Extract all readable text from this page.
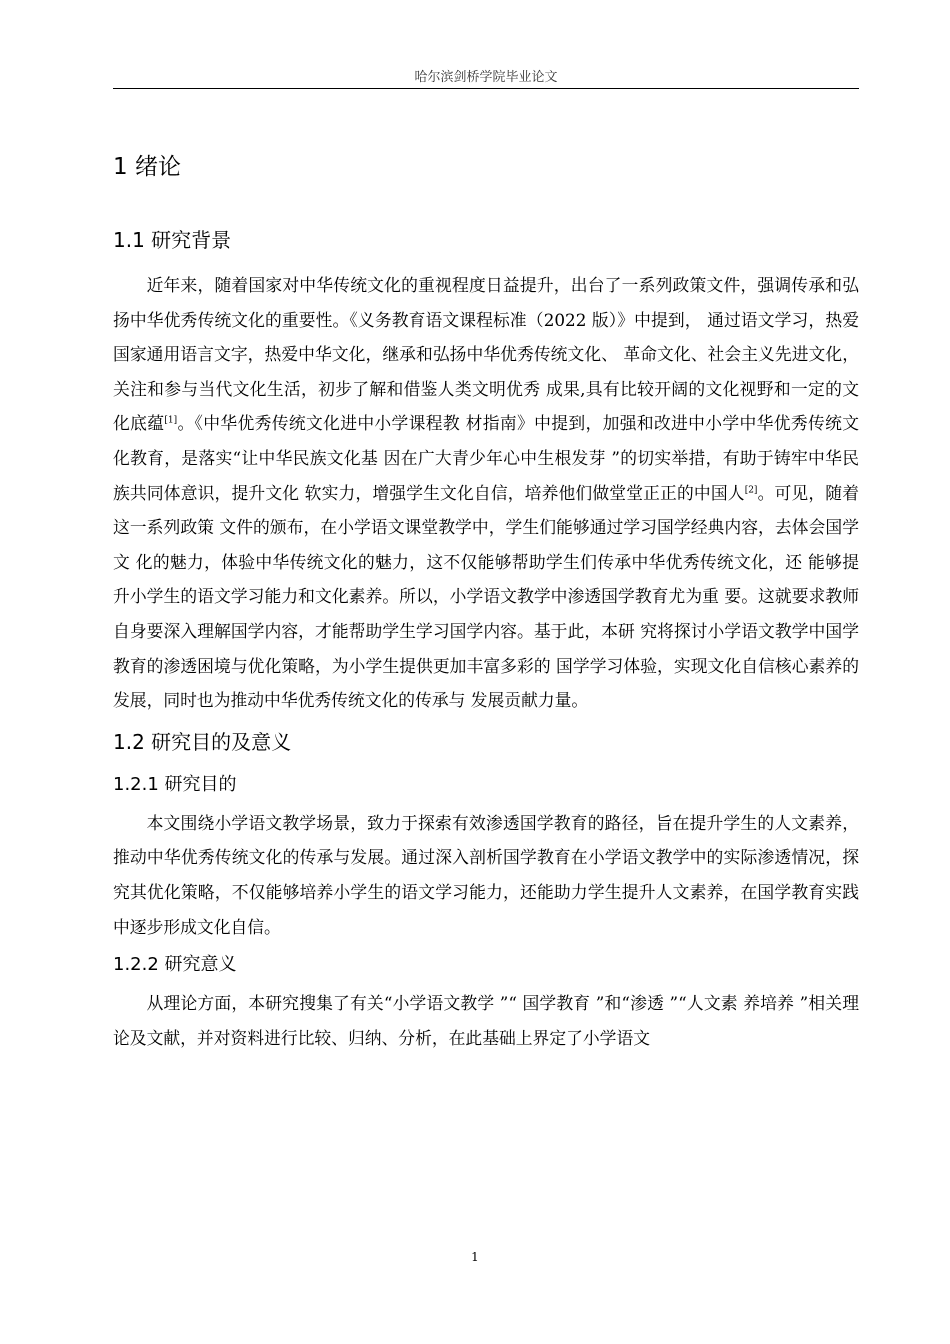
哈尔滨剑桥学院毕业论文
1 绪论
1.1 研究背景

近年来，随着国家对中华传统文化的重视程度日益提升，出台了一系列政策文件，强调传承和弘扬中华优秀传统文化的重要性。《义务教育语文课程标准（2022 版）》中提到， 通过语文学习，热爱国家通用语言文字，热爱中华文化，继承和弘扬中华优秀传统文化、 革命文化、社会主义先进文化，关注和参与当代文化生活，初步了解和借鉴人类文明优秀 成果,具有比较开阔的文化视野和一定的文化底蕴[1]。《中华优秀传统文化进中小学课程教 材指南》中提到，加强和改进中小学中华优秀传统文化教育，是落实“让中华民族文化基 因在广大青少年心中生根发芽 ”的切实举措，有助于铸牢中华民族共同体意识，提升文化 软实力，增强学生文化自信，培养他们做堂堂正正的中国人[2]。可见，随着这一系列政策 文件的颁布，在小学语文课堂教学中，学生们能够通过学习国学经典内容，去体会国学文 化的魅力，体验中华传统文化的魅力，这不仅能够帮助学生们传承中华优秀传统文化，还 能够提升小学生的语文学习能力和文化素养。所以，小学语文教学中渗透国学教育尤为重 要。这就要求教师自身要深入理解国学内容，才能帮助学生学习国学内容。基于此，本研 究将探讨小学语文教学中国学教育的渗透困境与优化策略，为小学生提供更加丰富多彩的 国学学习体验，实现文化自信核心素养的发展，同时也为推动中华优秀传统文化的传承与 发展贡献力量。

1.2 研究目的及意义
1.2.1 研究目的

本文围绕小学语文教学场景，致力于探索有效渗透国学教育的路径，旨在提升学生的人文素养，推动中华优秀传统文化的传承与发展。通过深入剖析国学教育在小学语文教学中的实际渗透情况，探究其优化策略，不仅能够培养小学生的语文学习能力，还能助力学生提升人文素养，在国学教育实践中逐步形成文化自信。

1.2.2 研究意义

从理论方面，本研究搜集了有关“小学语文教学 ”“ 国学教育 ”和“渗透 ”“人文素 养培养 ”相关理论及文献，并对资料进行比较、归纳、分析，在此基础上界定了小学语文

1
